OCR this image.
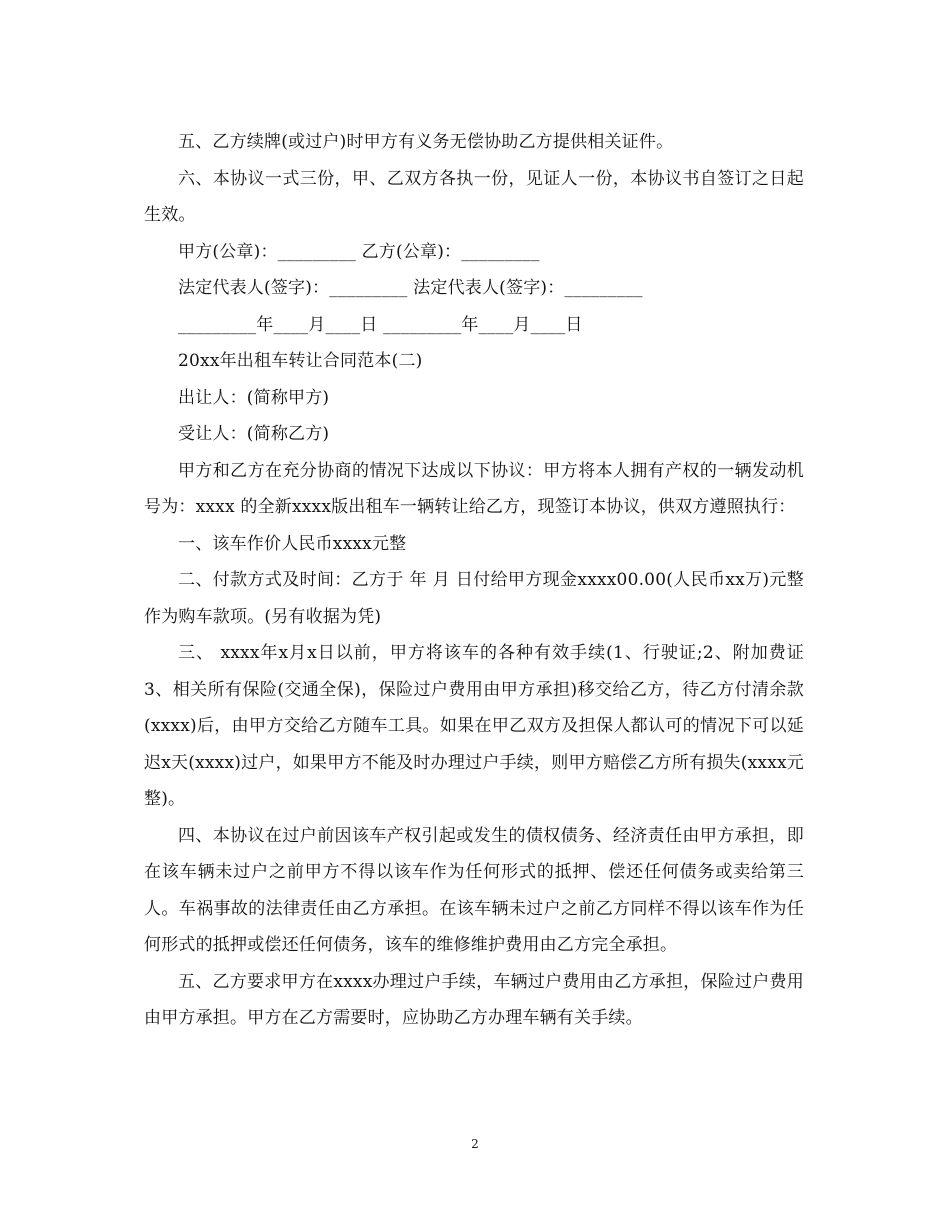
五、乙方续牌(或过户)时甲方有义务无偿协助乙方提供相关证件。

六、本协议一式三份，甲、乙双方各执一份，见证人一份，本协议书自签订之日起生效。

甲方(公章)：_________ 乙方(公章)：_________

法定代表人(签字)：_________ 法定代表人(签字)：_________

_________年____月____日 _________年____月____日

20xx年出租车转让合同范本(二)

出让人：(简称甲方)

受让人：(简称乙方)

甲方和乙方在充分协商的情况下达成以下协议：甲方将本人拥有产权的一辆发动机号为：xxxx 的全新xxxx版出租车一辆转让给乙方，现签订本协议，供双方遵照执行：

一、该车作价人民币xxxx元整

二、付款方式及时间：乙方于 年 月 日付给甲方现金xxxx00.00(人民币xx万)元整作为购车款项。(另有收据为凭)

三、 xxxx年x月x日以前，甲方将该车的各种有效手续(1、行驶证;2、附加费证3、相关所有保险(交通全保)，保险过户费用由甲方承担)移交给乙方，待乙方付清余款(xxxx)后，由甲方交给乙方随车工具。如果在甲乙双方及担保人都认可的情况下可以延迟x天(xxxx)过户，如果甲方不能及时办理过户手续，则甲方赔偿乙方所有损失(xxxx元整)。

四、本协议在过户前因该车产权引起或发生的债权债务、经济责任由甲方承担，即在该车辆未过户之前甲方不得以该车作为任何形式的抵押、偿还任何债务或卖给第三人。车祸事故的法律责任由乙方承担。在该车辆未过户之前乙方同样不得以该车作为任何形式的抵押或偿还任何债务，该车的维修维护费用由乙方完全承担。

五、乙方要求甲方在xxxx办理过户手续，车辆过户费用由乙方承担，保险过户费用由甲方承担。甲方在乙方需要时，应协助乙方办理车辆有关手续。

2
